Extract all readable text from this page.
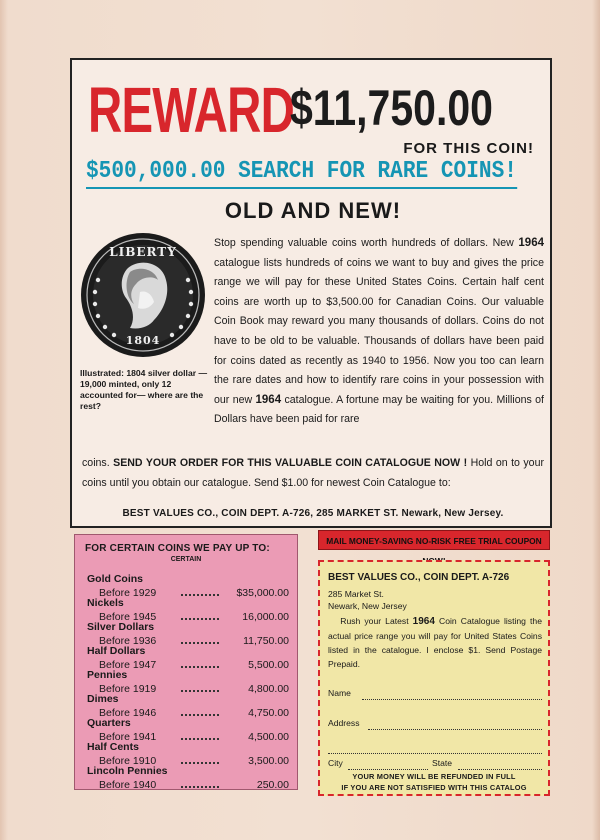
REWARD
$11,750.00
FOR THIS COIN!
$500,000.00 SEARCH FOR RARE COINS!
OLD AND NEW!
LIBERTY
1804
Illustrated: 1804 silver dollar — 19,000 minted, only 12 accounted for— where are the rest?
Stop spending valuable coins worth hundreds of dollars. New 1964 catalogue lists hundreds of coins we want to buy and gives the price range we will pay for these United States Coins. Certain half cent coins are worth up to $3,500.00 for Canadian Coins. Our valuable Coin Book may reward you many thousands of dollars. Coins do not have to be old to be valuable. Thousands of dollars have been paid for coins dated as recently as 1940 to 1956. Now you too can learn the rare dates and how to identify rare coins in your possession with our new 1964 catalogue. A fortune may be waiting for you. Millions of Dollars have been paid for rare
coins. SEND YOUR ORDER FOR THIS VALUABLE COIN CATALOGUE NOW ! Hold on to your coins until you obtain our catalogue. Send $1.00 for newest Coin Catalogue to:
BEST VALUES CO., COIN DEPT. A-726, 285 MARKET ST. Newark, New Jersey.
MAIL MONEY-SAVING NO-RISK FREE TRIAL COUPON
FOR CERTAIN COINS WE PAY UP TO:
CERTAIN
Gold Coins
Before 1929	$35,000.00
Nickels
Before 1945	16,000.00
Silver Dollars
Before 1936	11,750.00
Half Dollars
Before 1947	5,500.00
Pennies
Before 1919	4,800.00
Dimes
Before 1946	4,750.00
Quarters
Before 1941	4,500.00
Half Cents
Before 1910	3,500.00
Lincoln Pennies
Before 1940	250.00
BEST VALUES CO., COIN DEPT. A-726
285 Market St.
Newark, New Jersey
Rush your Latest 1964 Coin Catalogue listing the actual price range you will pay for United States Coins listed in the catalogue. I enclose $1. Send Postage Prepaid.
Name
Address
City	State
YOUR MONEY WILL BE REFUNDED IN FULL
IF YOU ARE NOT SATISFIED WITH THIS CATALOG
